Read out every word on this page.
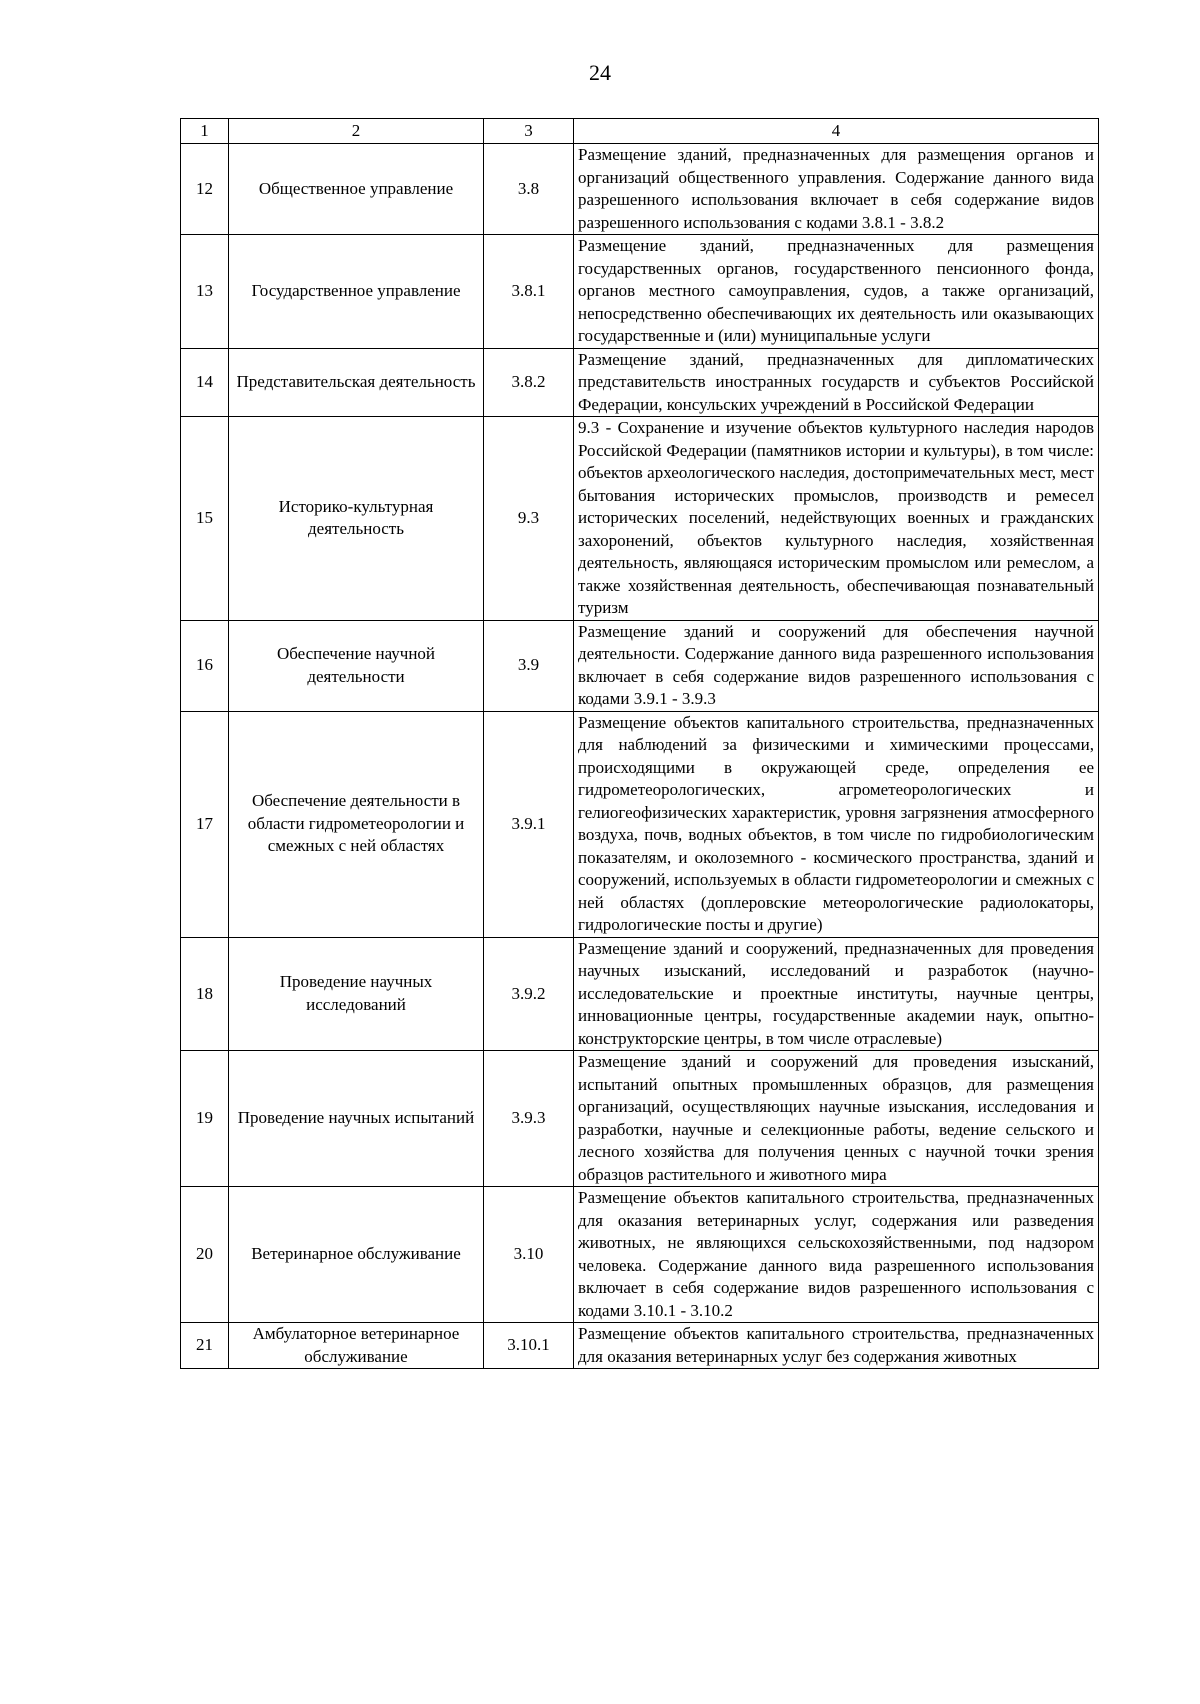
24
1	2	3	4
12	Общественное управление	3.8	Размещение зданий, предназначенных для размещения органов и организаций общественного управления. Содержание данного вида разрешенного использования включает в себя содержание видов разрешенного использования с кодами 3.8.1 - 3.8.2
13	Государственное управление	3.8.1	Размещение зданий, предназначенных для размещения государственных органов, государственного пенсионного фонда, органов местного самоуправления, судов, а также организаций, непосредственно обеспечивающих их деятельность или оказывающих государственные и (или) муниципальные услуги
14	Представительская деятельность	3.8.2	Размещение зданий, предназначенных для дипломатических представительств иностранных государств и субъектов Российской Федерации, консульских учреждений в Российской Федерации
15	Историко-культурная деятельность	9.3	9.3 - Сохранение и изучение объектов культурного наследия народов Российской Федерации (памятников истории и культуры), в том числе: объектов археологического наследия, достопримечательных мест, мест бытования исторических промыслов, производств и ремесел исторических поселений, недействующих военных и гражданских захоронений, объектов культурного наследия, хозяйственная деятельность, являющаяся историческим промыслом или ремеслом, а также хозяйственная деятельность, обеспечивающая познавательный туризм
16	Обеспечение научной деятельности	3.9	Размещение зданий и сооружений для обеспечения научной деятельности. Содержание данного вида разрешенного использования включает в себя содержание видов разрешенного использования с кодами 3.9.1 - 3.9.3
17	Обеспечение деятельности в области гидрометеорологии и смежных с ней областях	3.9.1	Размещение объектов капитального строительства, предназначенных для наблюдений за физическими и химическими процессами, происходящими в окружающей среде, определения ее гидрометеорологических, агрометеорологических и гелиогеофизических характеристик, уровня загрязнения атмосферного воздуха, почв, водных объектов, в том числе по гидробиологическим показателям, и околоземного - космического пространства, зданий и сооружений, используемых в области гидрометеорологии и смежных с ней областях (доплеровские метеорологические радиолокаторы, гидрологические посты и другие)
18	Проведение научных исследований	3.9.2	Размещение зданий и сооружений, предназначенных для проведения научных изысканий, исследований и разработок (научно-исследовательские и проектные институты, научные центры, инновационные центры, государственные академии наук, опытно-конструкторские центры, в том числе отраслевые)
19	Проведение научных испытаний	3.9.3	Размещение зданий и сооружений для проведения изысканий, испытаний опытных промышленных образцов, для размещения организаций, осуществляющих научные изыскания, исследования и разработки, научные и селекционные работы, ведение сельского и лесного хозяйства для получения ценных с научной точки зрения образцов растительного и животного мира
20	Ветеринарное обслуживание	3.10	Размещение объектов капитального строительства, предназначенных для оказания ветеринарных услуг, содержания или разведения животных, не являющихся сельскохозяйственными, под надзором человека. Содержание данного вида разрешенного использования включает в себя содержание видов разрешенного использования с кодами 3.10.1 - 3.10.2
21	Амбулаторное ветеринарное обслуживание	3.10.1	Размещение объектов капитального строительства, предназначенных для оказания ветеринарных услуг без содержания животных
